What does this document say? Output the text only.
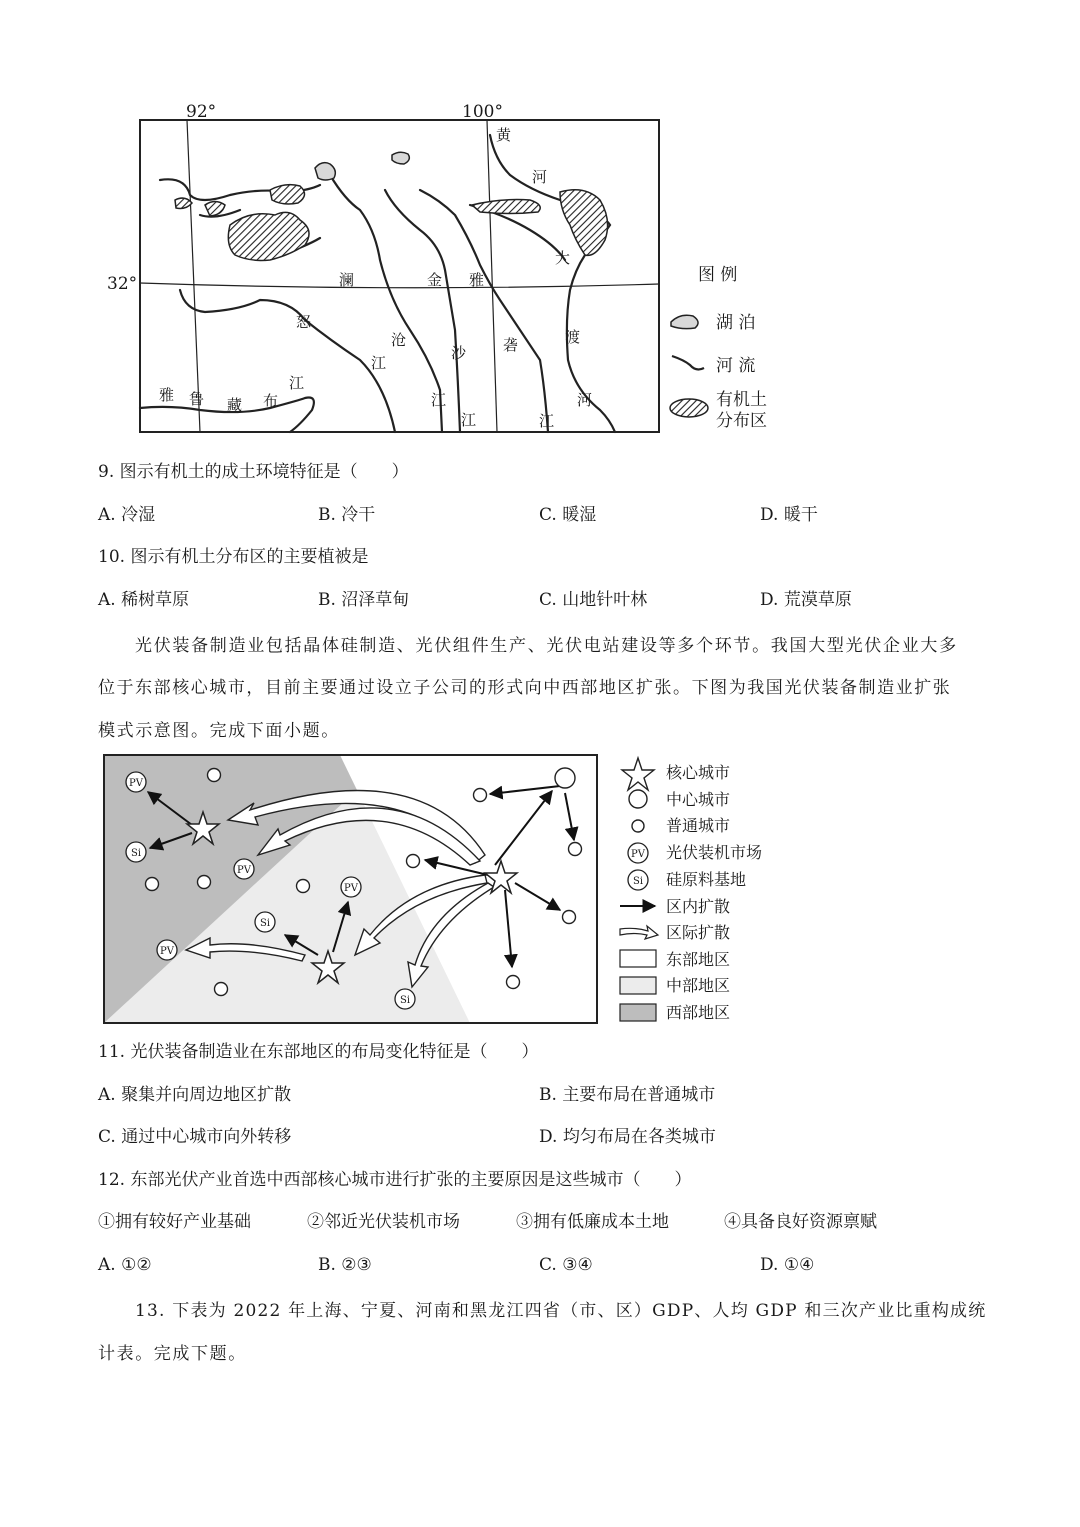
92°	100°
32°
黄
河
大
澜
沧
江
金
沙
江
雅
砻
江
怒
江
渡
河
雅 鲁 藏 布
江
图 例
湖 泊
河 流
有机土
分布区
9. 图示有机土的成土环境特征是（　　）
A. 冷湿	B. 冷干	C. 暖湿	D. 暖干
10. 图示有机土分布区的主要植被是
A. 稀树草原	B. 沼泽草甸	C. 山地针叶林	D. 荒漠草原
光伏装备制造业包括晶体硅制造、光伏组件生产、光伏电站建设等多个环节。我国大型光伏企业大多
位于东部核心城市，目前主要通过设立子公司的形式向中西部地区扩张。下图为我国光伏装备制造业扩张
模式示意图。完成下面小题。
PV
Si
PV
PV
Si
PV
Si
核心城市
中心城市
普通城市
PV 光伏装机市场
Si 硅原料基地
区内扩散
区际扩散
东部地区
中部地区
西部地区
11. 光伏装备制造业在东部地区的布局变化特征是（　　）
A. 聚集并向周边地区扩散	B. 主要布局在普通城市
C. 通过中心城市向外转移	D. 均匀布局在各类城市
12. 东部光伏产业首选中西部核心城市进行扩张的主要原因是这些城市（　　）
①拥有较好产业基础	②邻近光伏装机市场	③拥有低廉成本土地	④具备良好资源禀赋
A. ①②	B. ②③	C. ③④	D. ①④
13. 下表为 2022 年上海、宁夏、河南和黑龙江四省（市、区）GDP、人均 GDP 和三次产业比重构成统
计表。完成下题。
